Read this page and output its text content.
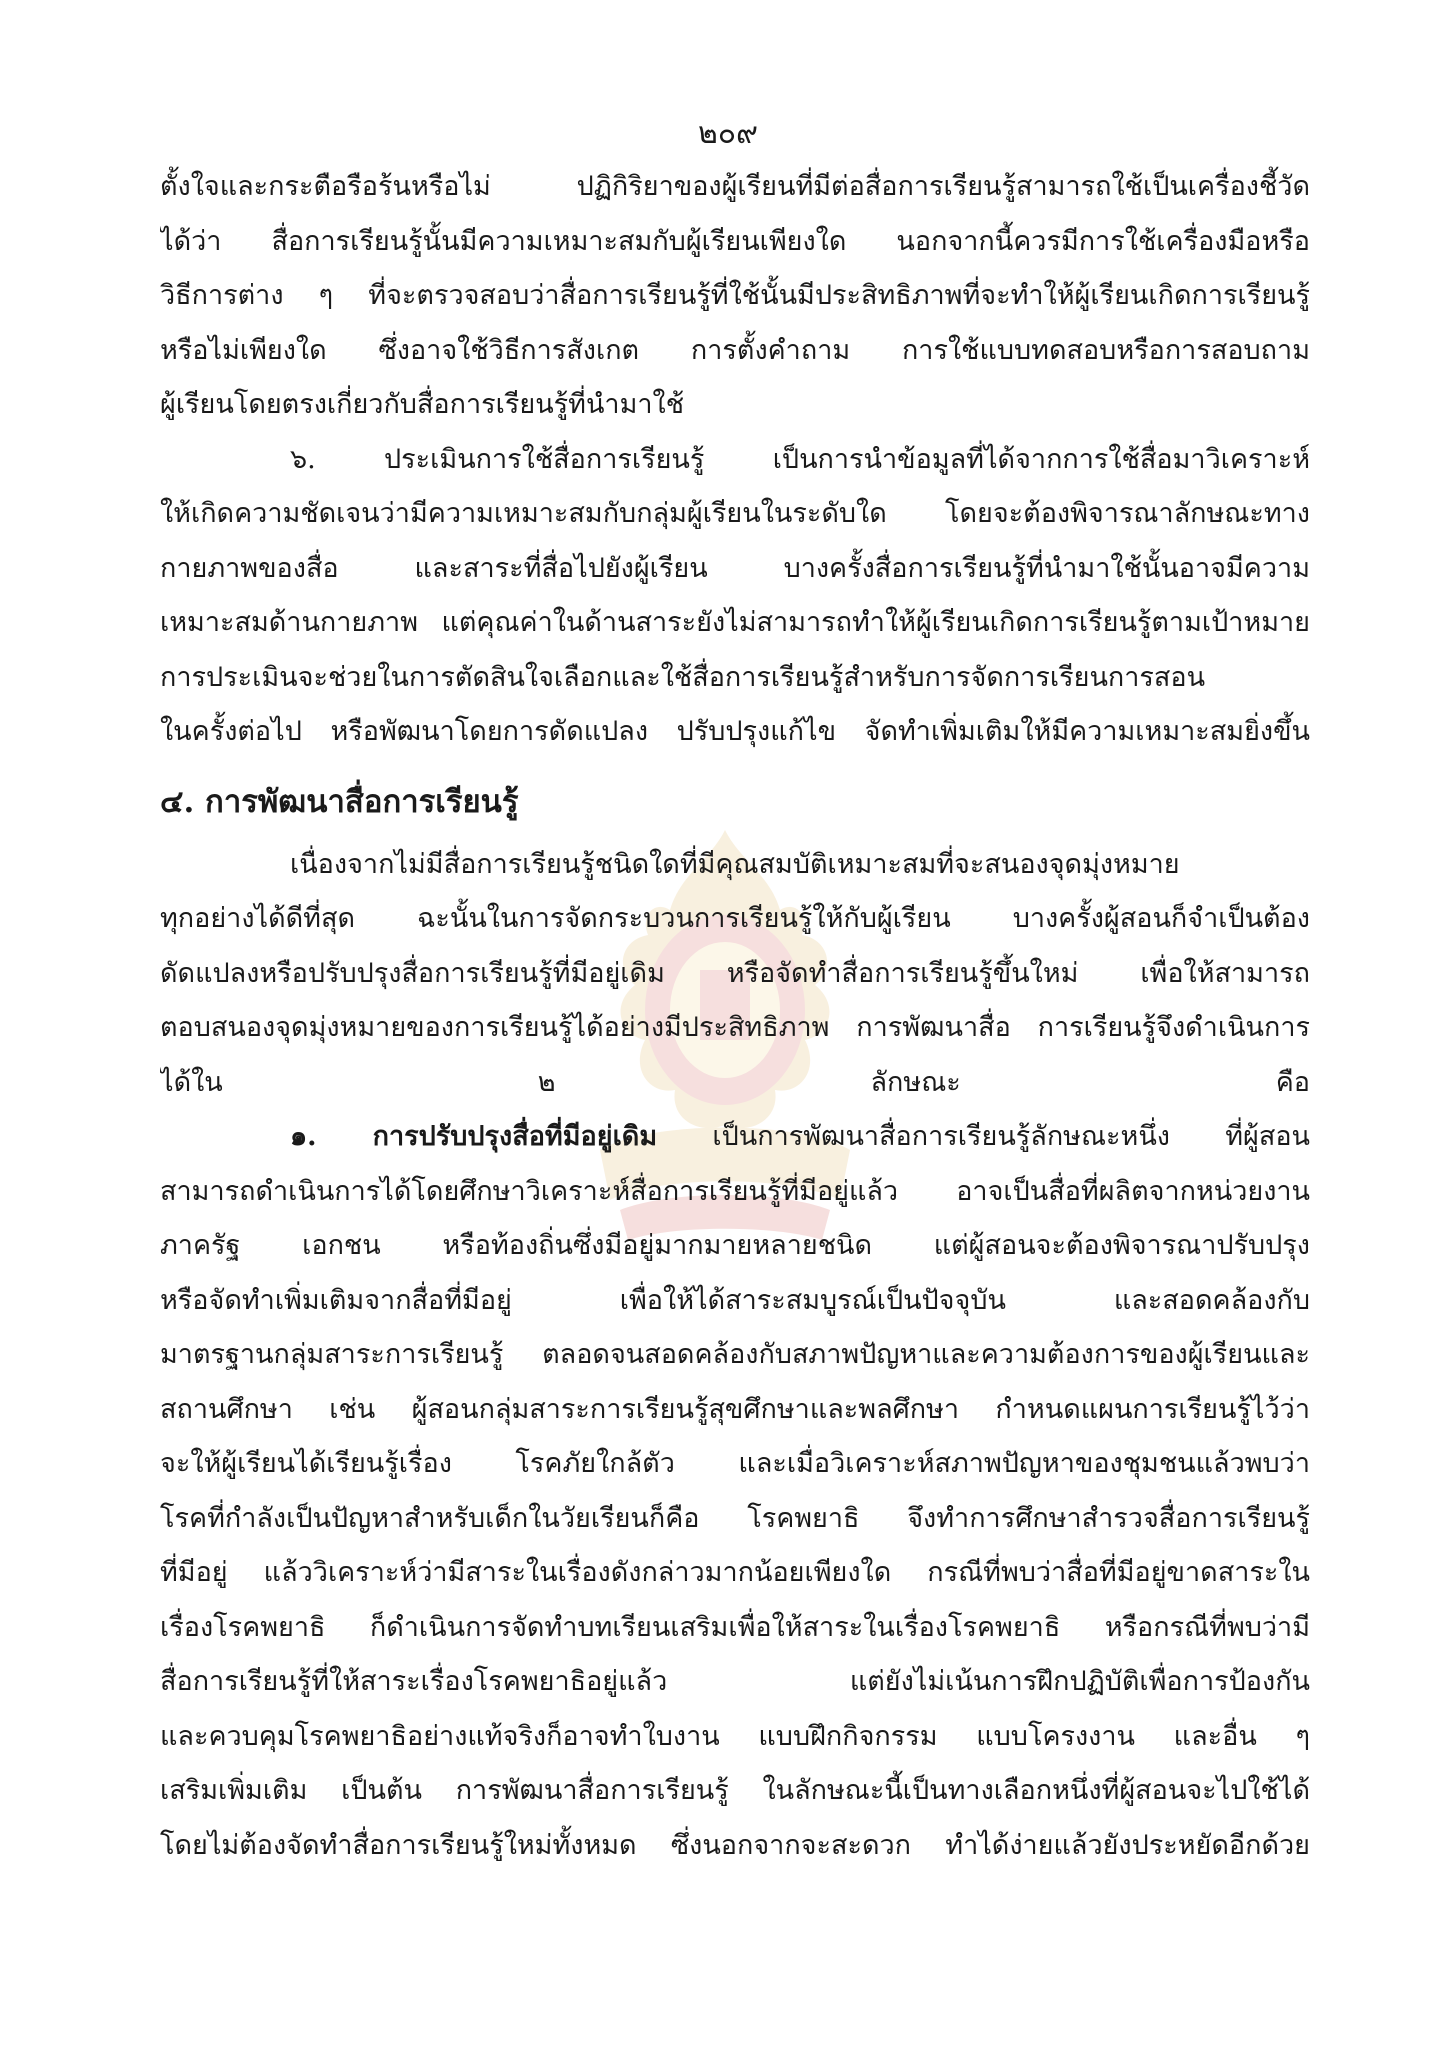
๒๐๙

ตั้งใจและกระตือรือร้นหรือไม่ ปฏิกิริยาของผู้เรียนที่มีต่อสื่อการเรียนรู้สามารถใช้เป็นเครื่องชี้วัด
ได้ว่า สื่อการเรียนรู้นั้นมีความเหมาะสมกับผู้เรียนเพียงใด นอกจากนี้ควรมีการใช้เครื่องมือหรือ
วิธีการต่าง ๆ ที่จะตรวจสอบว่าสื่อการเรียนรู้ที่ใช้นั้นมีประสิทธิภาพที่จะทำให้ผู้เรียนเกิดการเรียนรู้
หรือไม่เพียงใด ซึ่งอาจใช้วิธีการสังเกต การตั้งคำถาม การใช้แบบทดสอบหรือการสอบถาม
ผู้เรียนโดยตรงเกี่ยวกับสื่อการเรียนรู้ที่นำมาใช้

๖. ประเมินการใช้สื่อการเรียนรู้ เป็นการนำข้อมูลที่ได้จากการใช้สื่อมาวิเคราะห์
ให้เกิดความชัดเจนว่ามีความเหมาะสมกับกลุ่มผู้เรียนในระดับใด โดยจะต้องพิจารณาลักษณะทาง
กายภาพของสื่อ และสาระที่สื่อไปยังผู้เรียน บางครั้งสื่อการเรียนรู้ที่นำมาใช้นั้นอาจมีความ
เหมาะสมด้านกายภาพ แต่คุณค่าในด้านสาระยังไม่สามารถทำให้ผู้เรียนเกิดการเรียนรู้ตามเป้าหมาย
การประเมินจะช่วยในการตัดสินใจเลือกและใช้สื่อการเรียนรู้สำหรับการจัดการเรียนการสอน
ในครั้งต่อไป หรือพัฒนาโดยการดัดแปลง ปรับปรุงแก้ไข จัดทำเพิ่มเติมให้มีความเหมาะสมยิ่งขึ้น

๔. การพัฒนาสื่อการเรียนรู้

เนื่องจากไม่มีสื่อการเรียนรู้ชนิดใดที่มีคุณสมบัติเหมาะสมที่จะสนองจุดมุ่งหมาย
ทุกอย่างได้ดีที่สุด ฉะนั้นในการจัดกระบวนการเรียนรู้ให้กับผู้เรียน บางครั้งผู้สอนก็จำเป็นต้อง
ดัดแปลงหรือปรับปรุงสื่อการเรียนรู้ที่มีอยู่เดิม หรือจัดทำสื่อการเรียนรู้ขึ้นใหม่ เพื่อให้สามารถ
ตอบสนองจุดมุ่งหมายของการเรียนรู้ได้อย่างมีประสิทธิภาพ การพัฒนาสื่อ การเรียนรู้จึงดำเนินการ
ได้ใน ๒ ลักษณะ คือ

๑. การปรับปรุงสื่อที่มีอยู่เดิม เป็นการพัฒนาสื่อการเรียนรู้ลักษณะหนึ่ง ที่ผู้สอน
สามารถดำเนินการได้โดยศึกษาวิเคราะห์สื่อการเรียนรู้ที่มีอยู่แล้ว อาจเป็นสื่อที่ผลิตจากหน่วยงาน
ภาครัฐ เอกชน หรือท้องถิ่นซึ่งมีอยู่มากมายหลายชนิด แต่ผู้สอนจะต้องพิจารณาปรับปรุง
หรือจัดทำเพิ่มเติมจากสื่อที่มีอยู่ เพื่อให้ได้สาระสมบูรณ์เป็นปัจจุบัน และสอดคล้องกับ
มาตรฐานกลุ่มสาระการเรียนรู้ ตลอดจนสอดคล้องกับสภาพปัญหาและความต้องการของผู้เรียนและ
สถานศึกษา เช่น ผู้สอนกลุ่มสาระการเรียนรู้สุขศึกษาและพลศึกษา กำหนดแผนการเรียนรู้ไว้ว่า
จะให้ผู้เรียนได้เรียนรู้เรื่อง โรคภัยใกล้ตัว และเมื่อวิเคราะห์สภาพปัญหาของชุมชนแล้วพบว่า
โรคที่กำลังเป็นปัญหาสำหรับเด็กในวัยเรียนก็คือ โรคพยาธิ จึงทำการศึกษาสำรวจสื่อการเรียนรู้
ที่มีอยู่ แล้ววิเคราะห์ว่ามีสาระในเรื่องดังกล่าวมากน้อยเพียงใด กรณีที่พบว่าสื่อที่มีอยู่ขาดสาระใน
เรื่องโรคพยาธิ ก็ดำเนินการจัดทำบทเรียนเสริมเพื่อให้สาระในเรื่องโรคพยาธิ หรือกรณีที่พบว่ามี
สื่อการเรียนรู้ที่ให้สาระเรื่องโรคพยาธิอยู่แล้ว แต่ยังไม่เน้นการฝึกปฏิบัติเพื่อการป้องกัน
และควบคุมโรคพยาธิอย่างแท้จริงก็อาจทำใบงาน แบบฝึกกิจกรรม แบบโครงงาน และอื่น ๆ
เสริมเพิ่มเติม เป็นต้น การพัฒนาสื่อการเรียนรู้ ในลักษณะนี้เป็นทางเลือกหนึ่งที่ผู้สอนจะไปใช้ได้
โดยไม่ต้องจัดทำสื่อการเรียนรู้ใหม่ทั้งหมด ซึ่งนอกจากจะสะดวก ทำได้ง่ายแล้วยังประหยัดอีกด้วย
